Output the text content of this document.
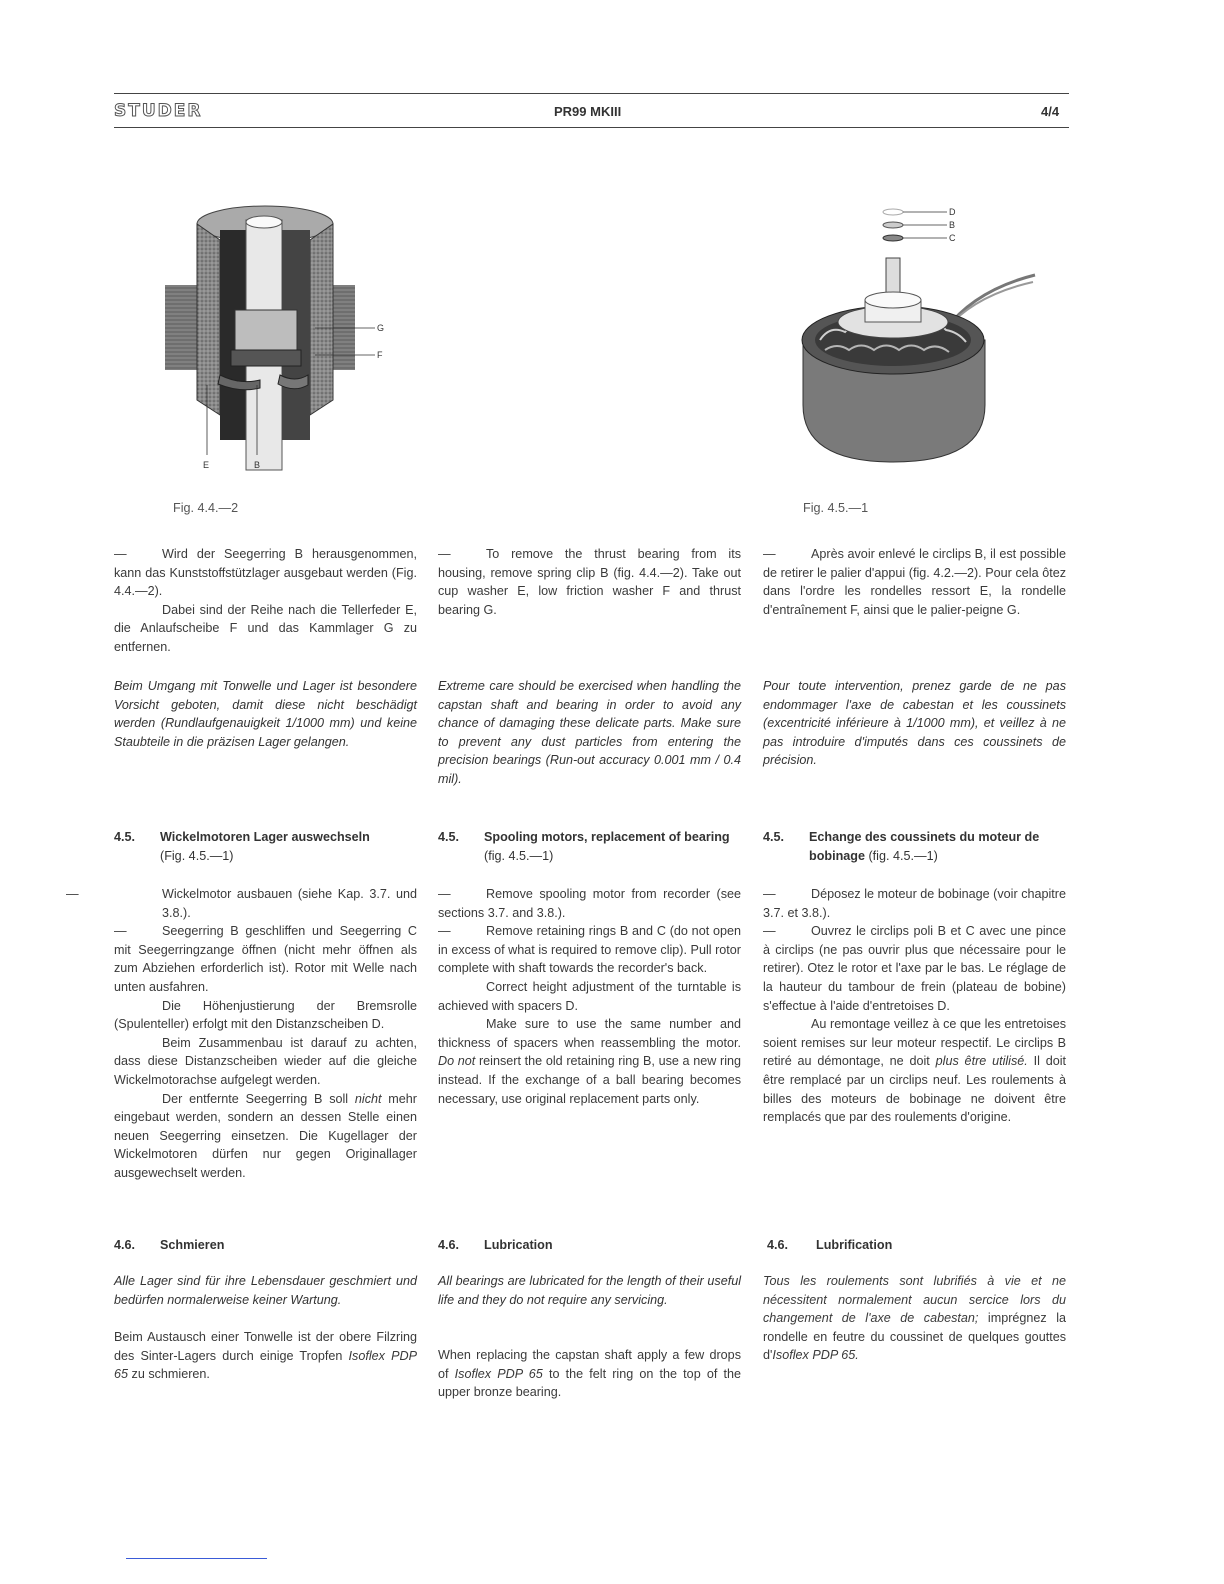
STUDER	PR99 MKIII	4/4
G
F
E	B
Fig. 4.4.—2
D
B
C
Fig. 4.5.—1

—	Wird der Seegerring B herausgenommen, kann das Kunststoffstützlager ausgebaut werden (Fig. 4.4.—2).

Dabei sind der Reihe nach die Tellerfeder E, die Anlaufscheibe F und das Kammlager G zu entfernen.

Beim Umgang mit Tonwelle und Lager ist besondere Vorsicht geboten, damit diese nicht beschädigt werden (Rundlaufgenauigkeit 1/1000 mm) und keine Staubteile in die präzisen Lager gelangen.
4.5. Wickelmotoren Lager auswechseln
(Fig. 4.5.—1)

—	Wickelmotor ausbauen (siehe Kap. 3.7. und 3.8.).

—	Seegerring B geschliffen und Seegerring C mit Seegerringzange öffnen (nicht mehr öffnen als zum Abziehen erforderlich ist). Rotor mit Welle nach unten ausfahren.

Die Höhenjustierung der Bremsrolle (Spulenteller) erfolgt mit den Distanzscheiben D.

Beim Zusammenbau ist darauf zu achten, dass diese Distanzscheiben wieder auf die gleiche Wickelmotorachse aufgelegt werden.

Der entfernte Seegerring B soll nicht mehr eingebaut werden, sondern an dessen Stelle einen neuen Seegerring einsetzen. Die Kugellager der Wickelmotoren dürfen nur gegen Originallager ausgewechselt werden.

4.6. Schmieren
Alle Lager sind für ihre Lebensdauer geschmiert und bedürfen normalerweise keiner Wartung.
Beim Austausch einer Tonwelle ist der obere Filzring des Sinter-Lagers durch einige Tropfen Isoflex PDP 65 zu schmieren.

—	To remove the thrust bearing from its housing, remove spring clip B (fig. 4.4.—2). Take out cup washer E, low friction washer F and thrust bearing G.

Extreme care should be exercised when handling the capstan shaft and bearing in order to avoid any chance of damaging these delicate parts. Make sure to prevent any dust particles from entering the precision bearings (Run-out accuracy 0.001 mm / 0.4 mil).
4.5. Spooling motors, replacement of bearing
(fig. 4.5.—1)

—	Remove spooling motor from recorder (see sections 3.7. and 3.8.).

—	Remove retaining rings B and C (do not open in excess of what is required to remove clip). Pull rotor complete with shaft towards the recorder's back.

Correct height adjustment of the turntable is achieved with spacers D.

Make sure to use the same number and thickness of spacers when reassembling the motor. Do not reinsert the old retaining ring B, use a new ring instead. If the exchange of a ball bearing becomes necessary, use original replacement parts only.

4.6. Lubrication
All bearings are lubricated for the length of their useful life and they do not require any servicing.
When replacing the capstan shaft apply a few drops of Isoflex PDP 65 to the felt ring on the top of the upper bronze bearing.

—	Après avoir enlevé le circlips B, il est possible de retirer le palier d'appui (fig. 4.2.—2). Pour cela ôtez dans l'ordre les rondelles ressort E, la rondelle d'entraînement F, ainsi que le palier-peigne G.

Pour toute intervention, prenez garde de ne pas endommager l'axe de cabestan et les coussinets (excentricité inférieure à 1/1000 mm), et veillez à ne pas introduire d'imputés dans ces coussinets de précision.
4.5. Echange des coussinets du moteur de bobinage (fig. 4.5.—1)

—	Déposez le moteur de bobinage (voir chapitre 3.7. et 3.8.).

—	Ouvrez le circlips poli B et C avec une pince à circlips (ne pas ouvrir plus que nécessaire pour le retirer). Otez le rotor et l'axe par le bas. Le réglage de la hauteur du tambour de frein (plateau de bobine) s'effectue à l'aide d'entretoises D.

Au remontage veillez à ce que les entretoises soient remises sur leur moteur respectif. Le circlips B retiré au démontage, ne doit plus être utilisé. Il doit être remplacé par un circlips neuf. Les roulements à billes des moteurs de bobinage ne doivent être remplacés que par des roulements d'origine.

4.6. Lubrification
Tous les roulements sont lubrifiés à vie et ne nécessitent normalement aucun sercice lors du changement de l'axe de cabestan; imprégnez la rondelle en feutre du coussinet de quelques gouttes d'Isoflex PDP 65.
